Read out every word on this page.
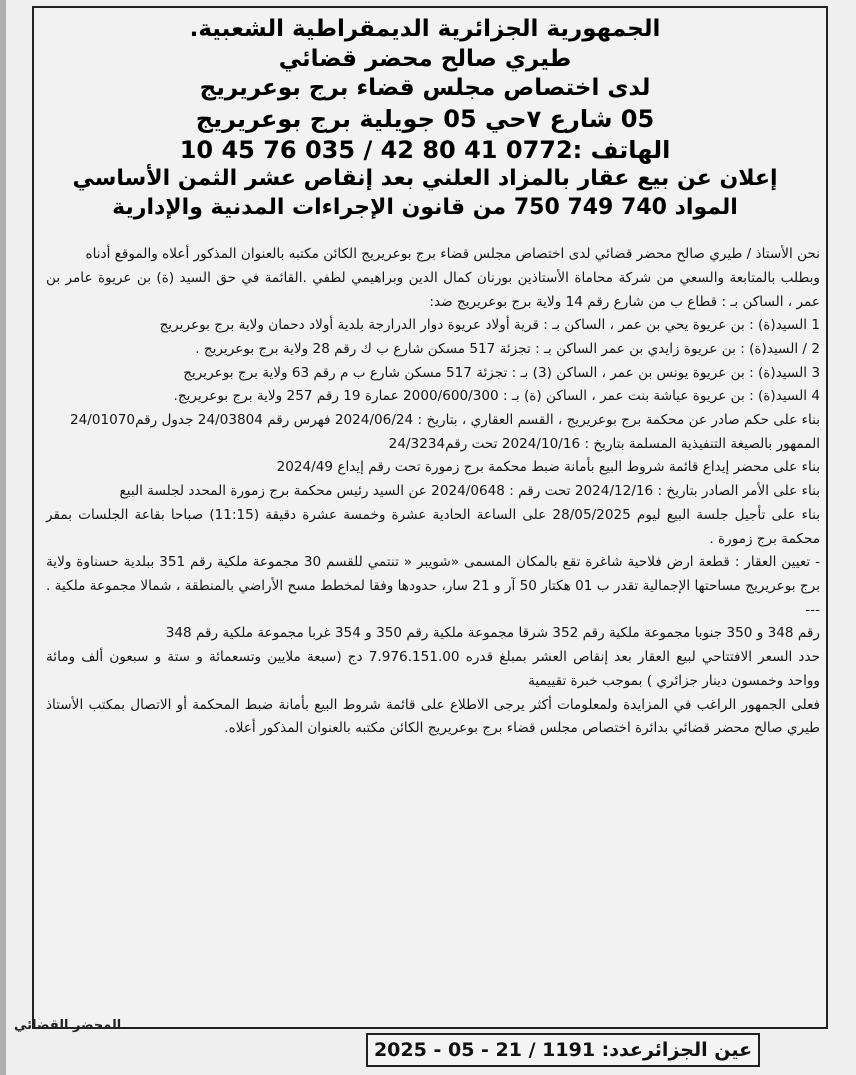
الجمهورية الجزائرية الديمقراطية الشعبية.
طيري صالح محضر قضائي
لدى اختصاص مجلس قضاء برج بوعريريج
05 شارع ٧حي 05 جويلية برج بوعريريج
الهاتف :0772 41 80 42 / 035 76 45 10
إعلان عن بيع عقار بالمزاد العلني بعد إنقاص عشر الثمن الأساسي
المواد 740 749 750 من قانون الإجراءات المدنية والإدارية

نحن الأستاذ / طيري صالح محضر قضائي لدى اختصاص مجلس قضاء برج بوعريريج الكائن مكتبه بالعنوان المذكور أعلاه والموقع أدناه

وبطلب بالمتابعة والسعي من شركة محاماة الأستاذين بورنان كمال الدين وبراهيمي لطفي .القائمة في حق السيد (ة) بن عريوة عامر بن عمر ، الساكن بـ : قطاع ب من شارع رقم 14 ولاية برج بوعريريج ضد:

1 السيد(ة) : بن عريوة يحي بن عمر ، الساكن بـ : قرية أولاد عريوة دوار الدرارجة بلدية أولاد دحمان ولاية برج بوعريريج

2 / السيد(ة) : بن عريوة زايدي بن عمر الساكن بـ : تجزئة 517 مسكن شارع ب ك رقم 28 ولاية برج بوعريريج .

3 السيد(ة) : بن عريوة يونس بن عمر ، الساكن (3) بـ : تجزئة 517 مسكن شارع ب م رقم 63 ولاية برج بوعريريج

4 السيد(ة) : بن عريوة عياشة بنت عمر ، الساكن (ة) بـ : 2000/600/300 عمارة 19 رقم 257 ولاية برج بوعريريج.

بناء على حكم صادر عن محكمة برج بوعريريج ، القسم العقاري ، بتاريخ : 2024/06/24 فهرس رقم 24/03804 جدول رقم24/01070

الممهور بالصيغة التنفيذية المسلمة بتاريخ : 2024/10/16 تحت رقم24/3234

بناء على محضر إيداع قائمة شروط البيع بأمانة ضبط محكمة برج زمورة تحت رقم إيداع 2024/49

بناء على الأمر الصادر بتاريخ : 2024/12/16 تحت رقم : 2024/0648 عن السيد رئيس محكمة برج زمورة المحدد لجلسة البيع

بناء على تأجيل جلسة البيع ليوم 28/05/2025 على الساعة الحادية عشرة وخمسة عشرة دقيقة (11:15) صباحا بقاعة الجلسات بمقر محكمة برج زمورة .

- تعيين العقار : قطعة ارض فلاحية شاغرة تقع بالمكان المسمى «شويبر « تنتمي للقسم 30 مجموعة ملكية رقم 351 ببلدية حسناوة ولاية برج بوعريريج مساحتها الإجمالية تقدر ب 01 هكتار 50 آر و 21 سار، حدودها وفقا لمخطط مسح الأراضي بالمنطقة ، شمالا مجموعة ملكية . ---

رقم 348 و 350 جنوبا مجموعة ملكية رقم 352 شرقا مجموعة ملكية رقم 350 و 354 غربا مجموعة ملكية رقم 348

حدد السعر الافتتاحي لبيع العقار بعد إنقاص العشر بمبلغ قدره 7.976.151.00 دج (سبعة ملايين وتسعمائة و ستة و سبعون ألف ومائة وواحد وخمسون دينار جزائري ) بموجب خبرة تقييمية

فعلى الجمهور الراغب في المزايدة ولمعلومات أكثر يرجى الاطلاع على قائمة شروط البيع بأمانة ضبط المحكمة أو الاتصال بمكتب الأستاذ طيري صالح محضر قضائي بدائرة اختصاص مجلس قضاء برج بوعريريج الكائن مكتبه بالعنوان المذكور أعلاه.

المحضر القضائي
عين الجزائرعدد: 1191 / 21 - 05 - 2025
